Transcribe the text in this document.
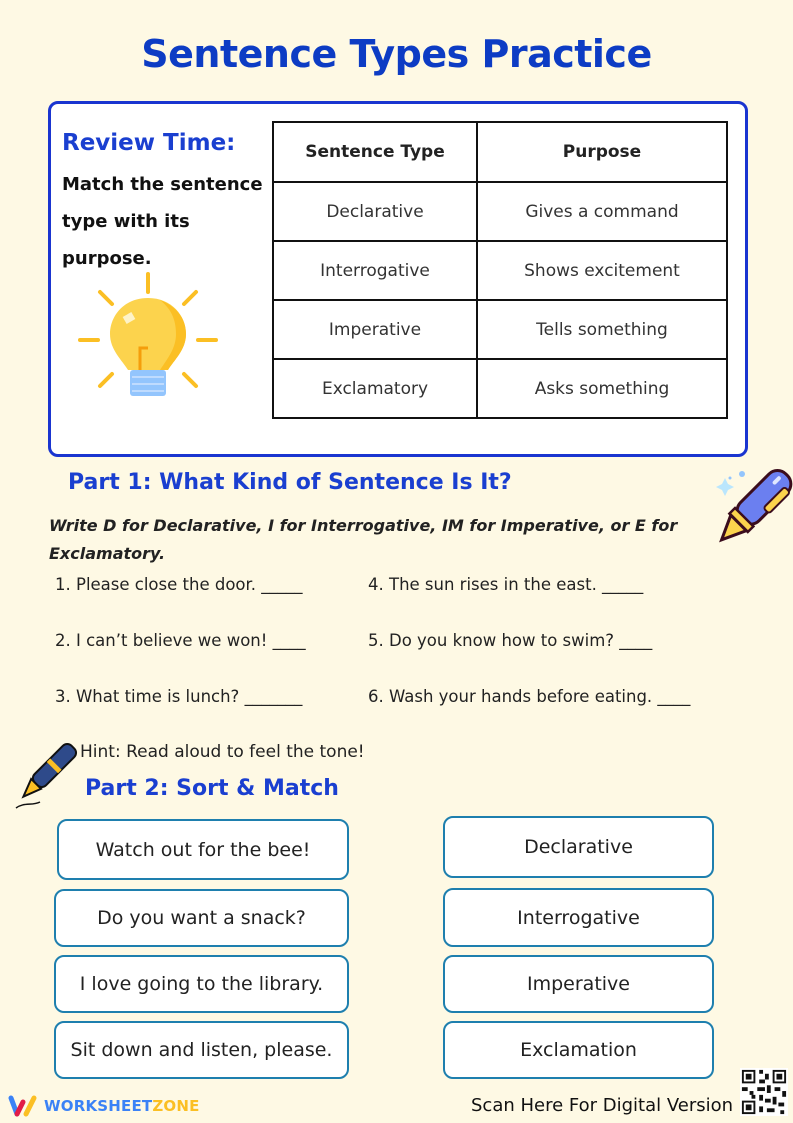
Sentence Types Practice
Review Time:
Match the sentence type with its purpose.
Sentence Type	Purpose
Declarative	Gives a command
Interrogative	Shows excitement
Imperative	Tells something
Exclamatory	Asks something
Part 1: What Kind of Sentence Is It?
Write D for Declarative, I for Interrogative, IM for Imperative, or E for Exclamatory.
1. Please close the door. _____
2. I can’t believe we won! ____
3. What time is lunch? _______
4. The sun rises in the east. _____
5. Do you know how to swim? ____
6. Wash your hands before eating. ____
Hint: Read aloud to feel the tone!
Part 2: Sort & Match
Watch out for the bee!
Do you want a snack?
I love going to the library.
Sit down and listen, please.
Declarative
Interrogative
Imperative
Exclamation
WORKSHEETZONE	Scan Here For Digital Version
